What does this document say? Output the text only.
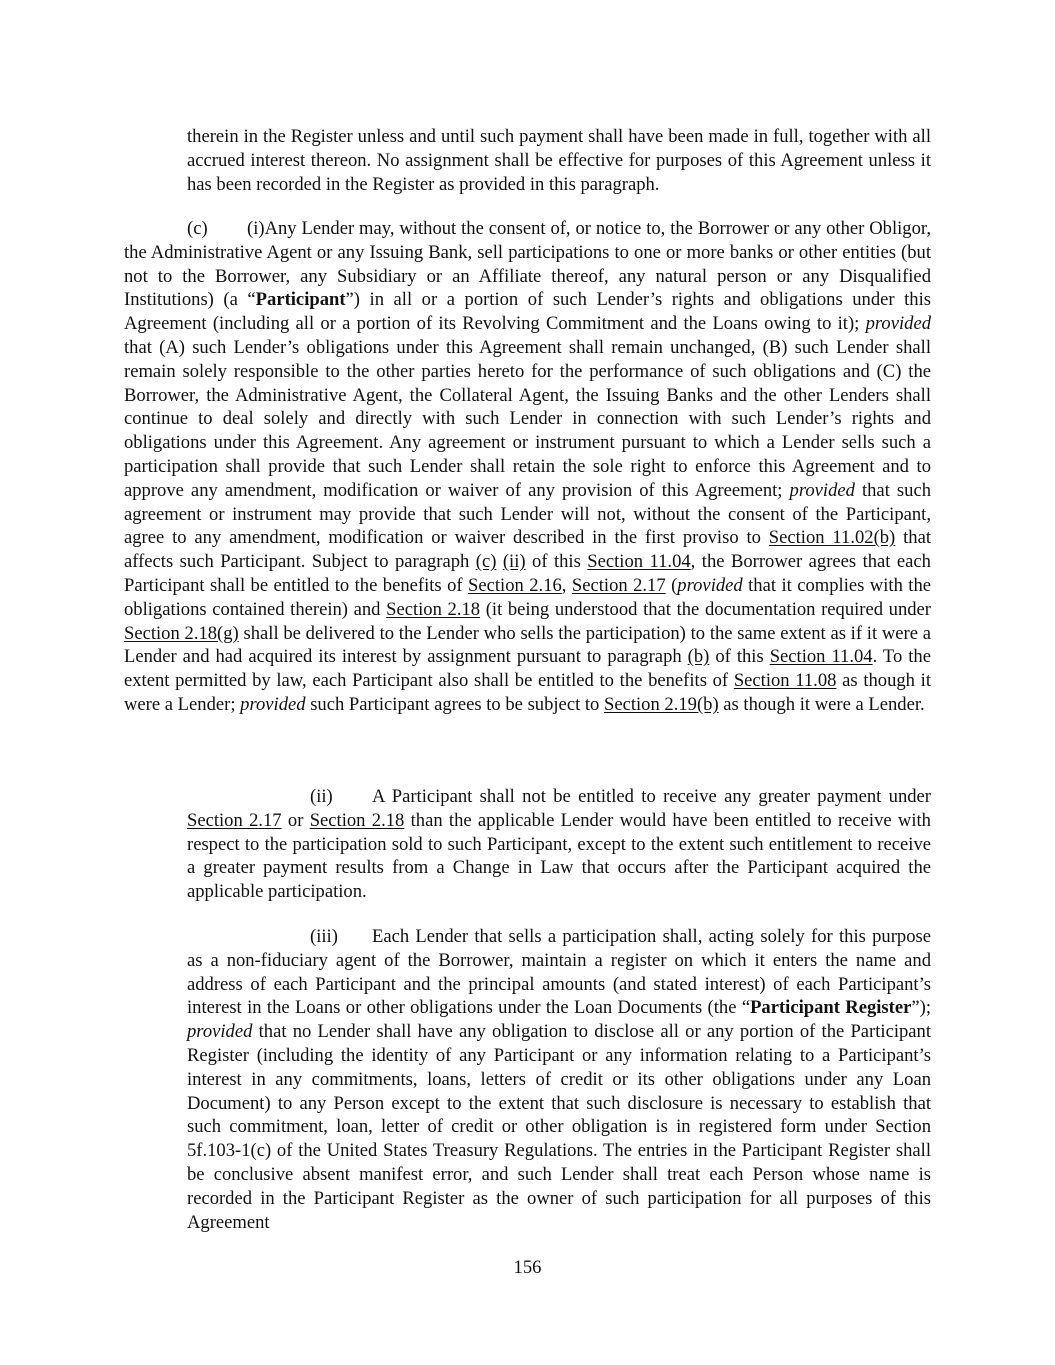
therein in the Register unless and until such payment shall have been made in full, together with all accrued interest thereon. No assignment shall be effective for purposes of this Agreement unless it has been recorded in the Register as provided in this paragraph.

(c) (i)Any Lender may, without the consent of, or notice to, the Borrower or any other Obligor, the Administrative Agent or any Issuing Bank, sell participations to one or more banks or other entities (but not to the Borrower, any Subsidiary or an Affiliate thereof, any natural person or any Disqualified Institutions) (a “Participant”) in all or a portion of such Lender’s rights and obligations under this Agreement (including all or a portion of its Revolving Commitment and the Loans owing to it); provided that (A) such Lender’s obligations under this Agreement shall remain unchanged, (B) such Lender shall remain solely responsible to the other parties hereto for the performance of such obligations and (C) the Borrower, the Administrative Agent, the Collateral Agent, the Issuing Banks and the other Lenders shall continue to deal solely and directly with such Lender in connection with such Lender’s rights and obligations under this Agreement. Any agreement or instrument pursuant to which a Lender sells such a participation shall provide that such Lender shall retain the sole right to enforce this Agreement and to approve any amendment, modification or waiver of any provision of this Agreement; provided that such agreement or instrument may provide that such Lender will not, without the consent of the Participant, agree to any amendment, modification or waiver described in the first proviso to Section 11.02(b) that affects such Participant. Subject to paragraph (c) (ii) of this Section 11.04, the Borrower agrees that each Participant shall be entitled to the benefits of Section 2.16, Section 2.17 (provided that it complies with the obligations contained therein) and Section 2.18 (it being understood that the documentation required under Section 2.18(g) shall be delivered to the Lender who sells the participation) to the same extent as if it were a Lender and had acquired its interest by assignment pursuant to paragraph (b) of this Section 11.04. To the extent permitted by law, each Participant also shall be entitled to the benefits of Section 11.08 as though it were a Lender; provided such Participant agrees to be subject to Section 2.19(b) as though it were a Lender.

(ii) A Participant shall not be entitled to receive any greater payment under Section 2.17 or Section 2.18 than the applicable Lender would have been entitled to receive with respect to the participation sold to such Participant, except to the extent such entitlement to receive a greater payment results from a Change in Law that occurs after the Participant acquired the applicable participation.

(iii) Each Lender that sells a participation shall, acting solely for this purpose as a non-fiduciary agent of the Borrower, maintain a register on which it enters the name and address of each Participant and the principal amounts (and stated interest) of each Participant’s interest in the Loans or other obligations under the Loan Documents (the “Participant Register”); provided that no Lender shall have any obligation to disclose all or any portion of the Participant Register (including the identity of any Participant or any information relating to a Participant’s interest in any commitments, loans, letters of credit or its other obligations under any Loan Document) to any Person except to the extent that such disclosure is necessary to establish that such commitment, loan, letter of credit or other obligation is in registered form under Section 5f.103-1(c) of the United States Treasury Regulations. The entries in the Participant Register shall be conclusive absent manifest error, and such Lender shall treat each Person whose name is recorded in the Participant Register as the owner of such participation for all purposes of this Agreement

156
